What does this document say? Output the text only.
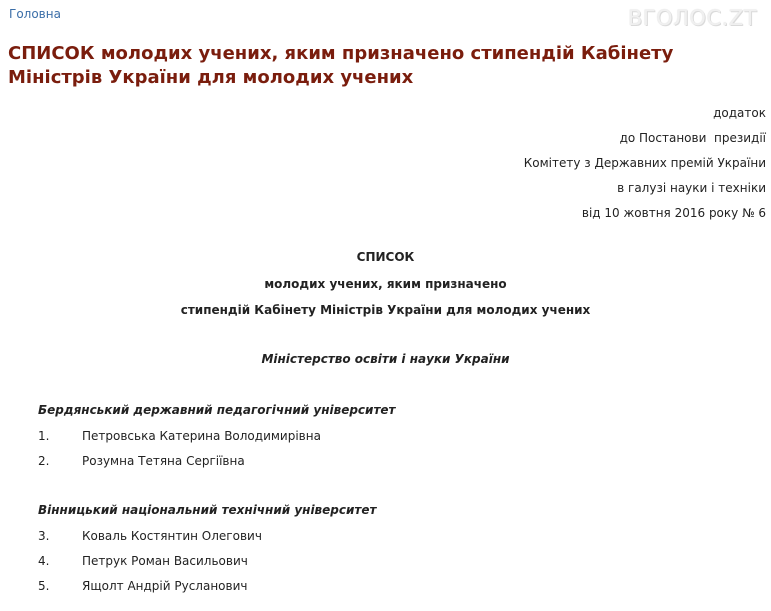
Головна	ВГОЛОС.ZT
СПИСОК молодих учених, яким призначено стипендій Кабінету Міністрів України для молодих учених
додаток
до Постанови  президії
Комітету з Державних премій України
в галузі науки і техніки
від 10 жовтня 2016 року № 6
СПИСОК
молодих учених, яким призначено
стипендій Кабінету Міністрів України для молодих учених
Міністерство освіти і науки України
Бердянський державний педагогічний університет
1.	Петровська Катерина Володимирівна
2.	Розумна Тетяна Сергіївна
Вінницький національний технічний університет
3.	Коваль Костянтин Олегович
4.	Петрук Роман Васильович
5.	Ящолт Андрій Русланович
